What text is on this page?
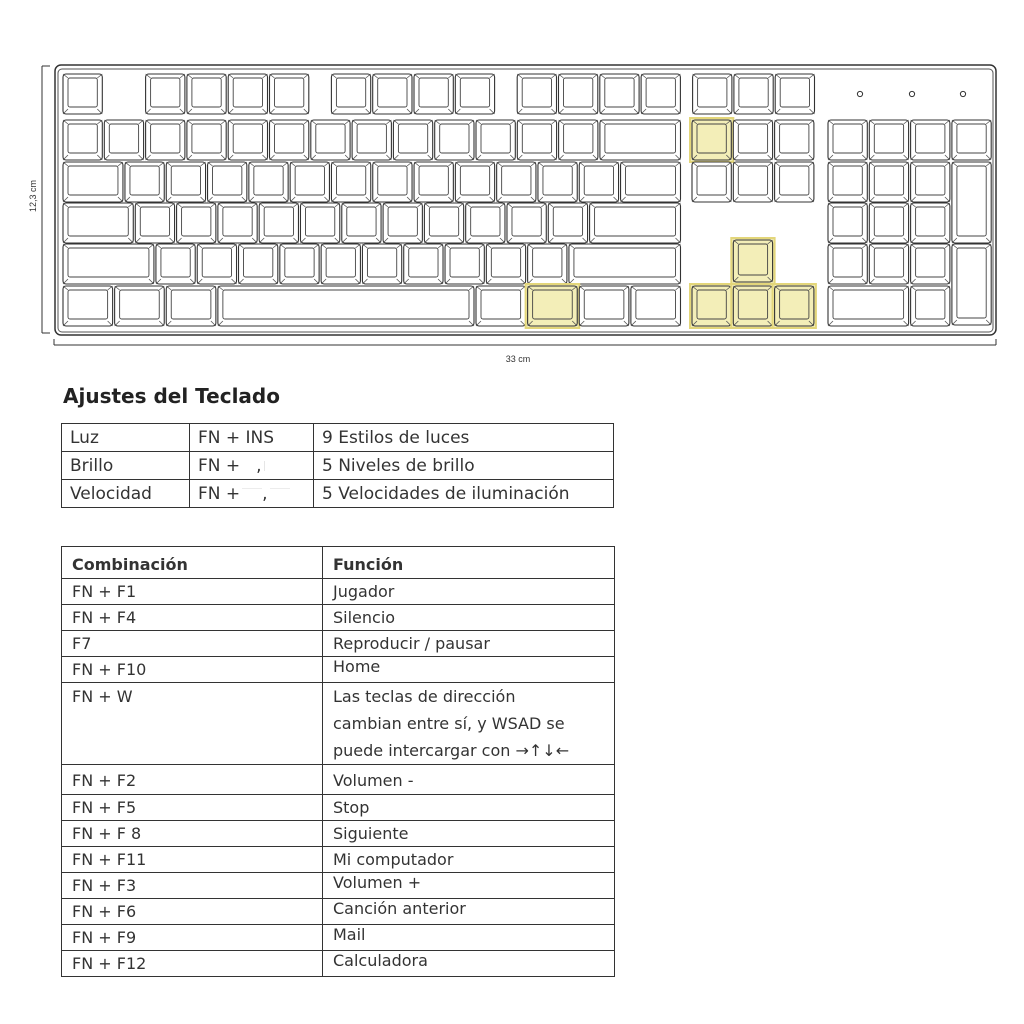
33 cm
12,3 cm
Ajustes del Teclado
Luz	FN + INS	9 Estilos de luces
Brillo	FN + ,	5 Niveles de brillo
Velocidad	FN + ,	5 Velocidades de iluminación
Combinación	Función
FN + F1	Jugador
FN + F4	Silencio
F7	Reproducir / pausar
FN + F10	Home
FN + W	Las teclas de dirección
cambian entre sí, y WSAD se
puede intercargar con →↑↓←

FN + F2	Volumen -
FN + F5	Stop
FN + F 8	Siguiente
FN + F11	Mi computador
FN + F3	Volumen +
FN + F6	Canción anterior
FN + F9	Mail
FN + F12	Calculadora
